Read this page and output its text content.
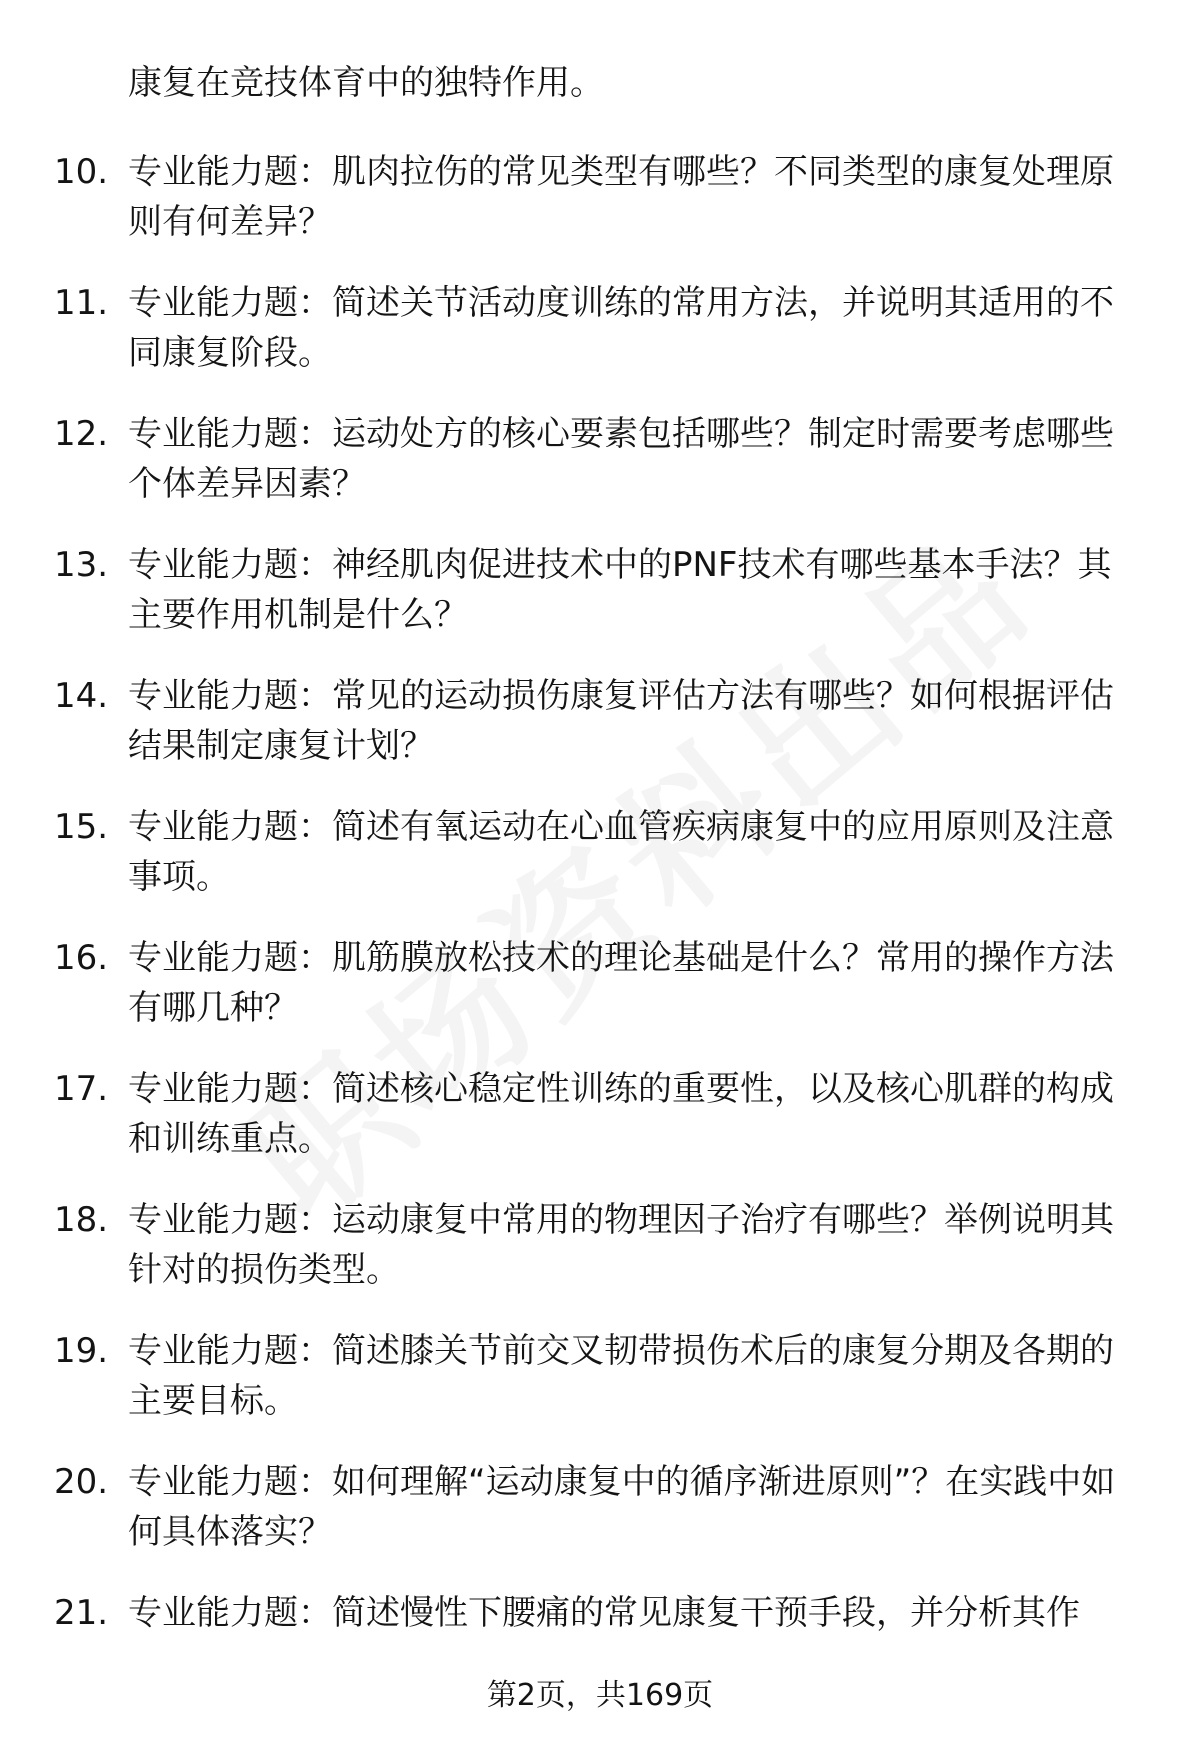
康复在竞技体育中的独特作用。
10. 专业能力题：肌肉拉伤的常见类型有哪些？不同类型的康复处理原则有何差异？
11. 专业能力题：简述关节活动度训练的常用方法，并说明其适用的不同康复阶段。
12. 专业能力题：运动处方的核心要素包括哪些？制定时需要考虑哪些个体差异因素？
13. 专业能力题：神经肌肉促进技术中的PNF技术有哪些基本手法？其主要作用机制是什么？
14. 专业能力题：常见的运动损伤康复评估方法有哪些？如何根据评估结果制定康复计划？
15. 专业能力题：简述有氧运动在心血管疾病康复中的应用原则及注意事项。
16. 专业能力题：肌筋膜放松技术的理论基础是什么？常用的操作方法有哪几种？
17. 专业能力题：简述核心稳定性训练的重要性，以及核心肌群的构成和训练重点。
18. 专业能力题：运动康复中常用的物理因子治疗有哪些？举例说明其针对的损伤类型。
19. 专业能力题：简述膝关节前交叉韧带损伤术后的康复分期及各期的主要目标。
20. 专业能力题：如何理解“运动康复中的循序渐进原则”？在实践中如何具体落实？
21. 专业能力题：简述慢性下腰痛的常见康复干预手段，并分析其作
第2页，共169页
